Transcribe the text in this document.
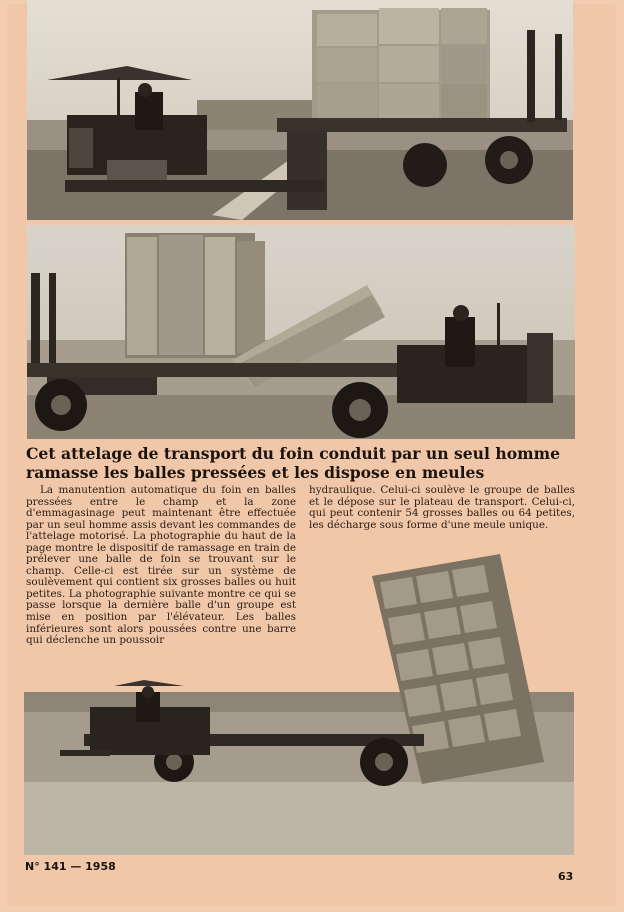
Cet attelage de transport du foin conduit par un seul homme ramasse les balles pressées et les dispose en meules

La manutention automatique du foin en balles pressées entre le champ et la zone d'emmagasinage peut maintenant être effectuée par un seul homme assis devant les commandes de l'attelage motorisé. La photographie du haut de la page montre le dispositif de ramassage en train de prélever une balle de foin se trouvant sur le champ. Celle-ci est tirée sur un système de soulèvement qui contient six grosses balles ou huit petites. La photographie suivante montre ce qui se passe lorsque la dernière balle d'un groupe est mise en position par l'élévateur. Les balles inférieures sont alors poussées contre une barre qui déclenche un poussoir

hydraulique. Celui-ci soulève le groupe de balles et le dépose sur le plateau de transport. Celui-ci, qui peut contenir 54 grosses balles ou 64 petites, les décharge sous forme d'une meule unique.

N° 141 — 1958
63
